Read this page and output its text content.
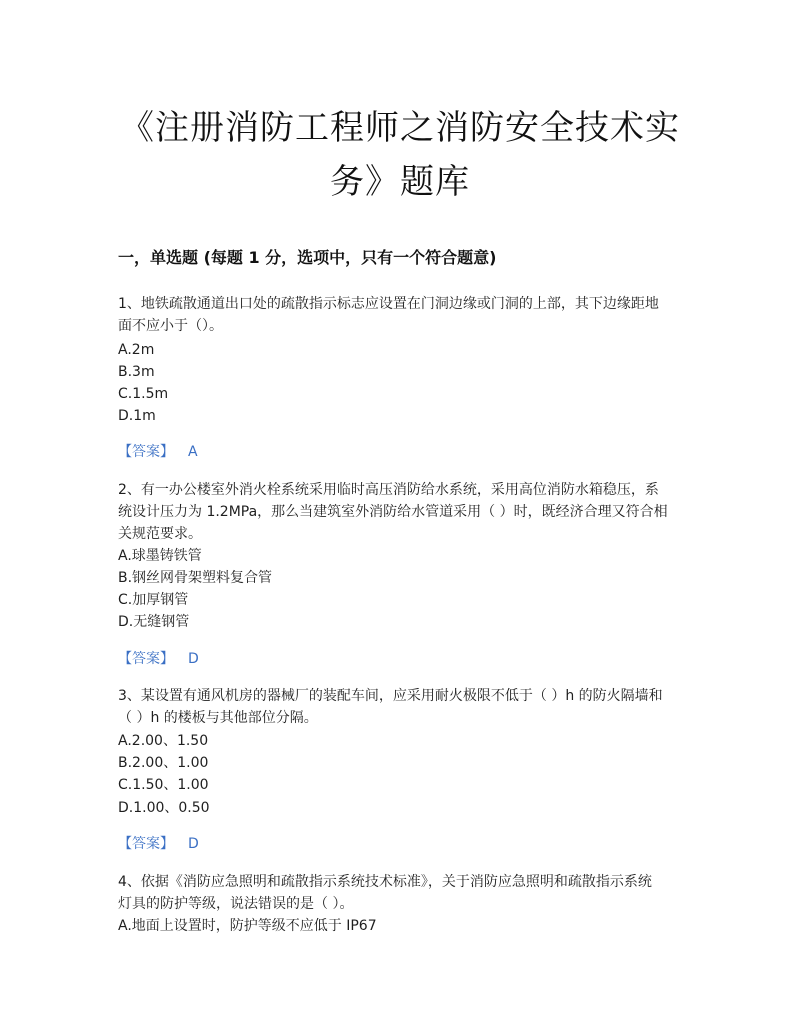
《注册消防工程师之消防安全技术实
务》题库
一，单选题 (每题 1 分，选项中，只有一个符合题意)
1、地铁疏散通道出口处的疏散指示标志应设置在门洞边缘或门洞的上部，其下边缘距地
面不应小于（）。
A.2m
B.3m
C.1.5m
D.1m
【答案】 A
2、有一办公楼室外消火栓系统采用临时高压消防给水系统，采用高位消防水箱稳压，系
统设计压力为 1.2MPa，那么当建筑室外消防给水管道采用（ ）时，既经济合理又符合相
关规范要求。
A.球墨铸铁管
B.钢丝网骨架塑料复合管
C.加厚钢管
D.无缝钢管
【答案】 D
3、某设置有通风机房的器械厂的装配车间，应采用耐火极限不低于（ ）h 的防火隔墙和
（ ）h 的楼板与其他部位分隔。
A.2.00、1.50
B.2.00、1.00
C.1.50、1.00
D.1.00、0.50
【答案】 D
4、依据《消防应急照明和疏散指示系统技术标准》，关于消防应急照明和疏散指示系统
灯具的防护等级，说法错误的是（ ）。
A.地面上设置时，防护等级不应低于 IP67
